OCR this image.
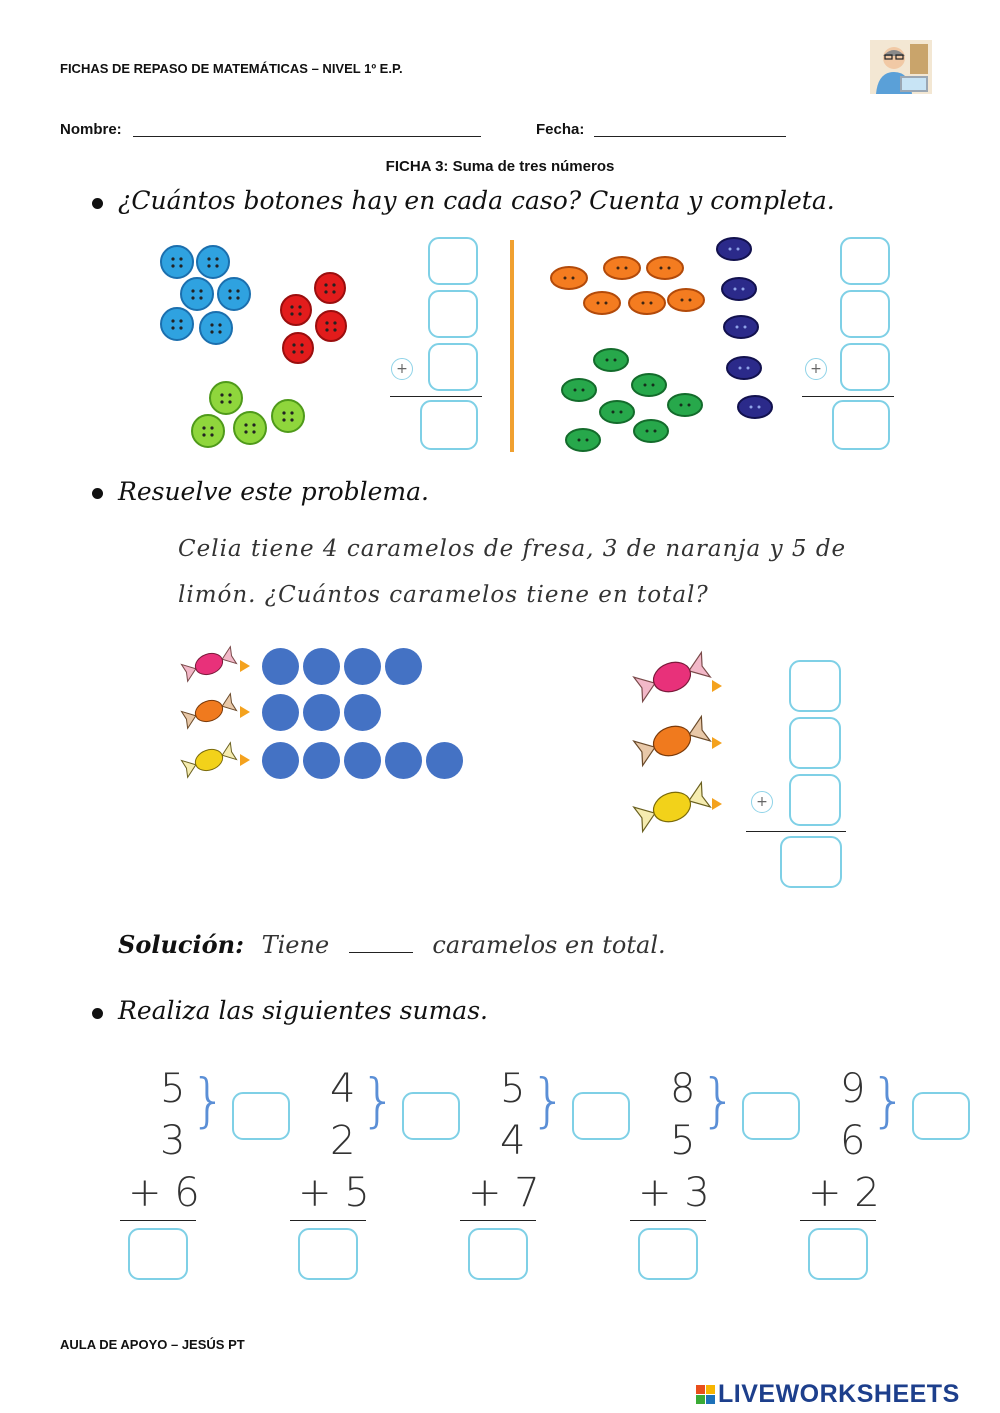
FICHAS DE REPASO DE MATEMÁTICAS – NIVEL 1º E.P.
Nombre:	Fecha:
FICHA 3: Suma de tres números
¿Cuántos botones hay en cada caso? Cuenta y completa.
+	+
Resuelve este problema.
Celia tiene 4 caramelos de fresa, 3 de naranja y 5 de
limón. ¿Cuántos caramelos tiene en total?
+
Solución: Tiene	caramelos en total.
Realiza las siguientes sumas.
5
3
}
+ 6
4
2
}
+ 5
5
4
}
+ 7
8
5
}
+ 3
9
6
}
+ 2
AULA DE APOYO – JESÚS PT
LIVEWORKSHEETS
